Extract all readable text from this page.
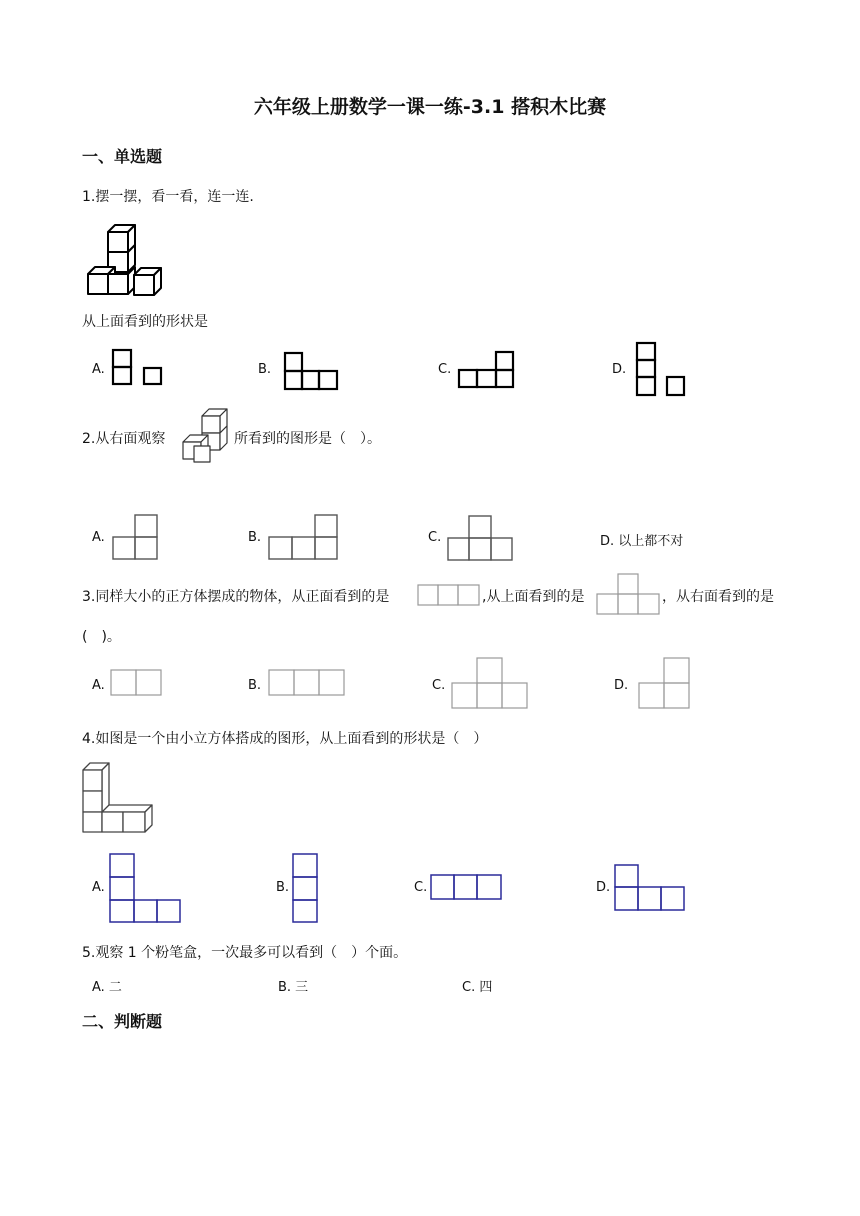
六年级上册数学一课一练-3.1 搭积木比赛
一、单选题
1.摆一摆，看一看，连一连.
从上面看到的形状是
A.	B.	C.	D.
2.从右面观察	所看到的图形是（　）。
A.	B.	C.	D. 以上都不对
3.同样大小的正方体摆成的物体，从正面看到的是	,从上面看到的是	，从右面看到的是
(　)。
A.	B.	C.	D.
4.如图是一个由小立方体搭成的图形，从上面看到的形状是（　）
A.	B.	C.	D.
5.观察 1 个粉笔盒，一次最多可以看到（　）个面。
A. 二	B. 三	C. 四
二、判断题
